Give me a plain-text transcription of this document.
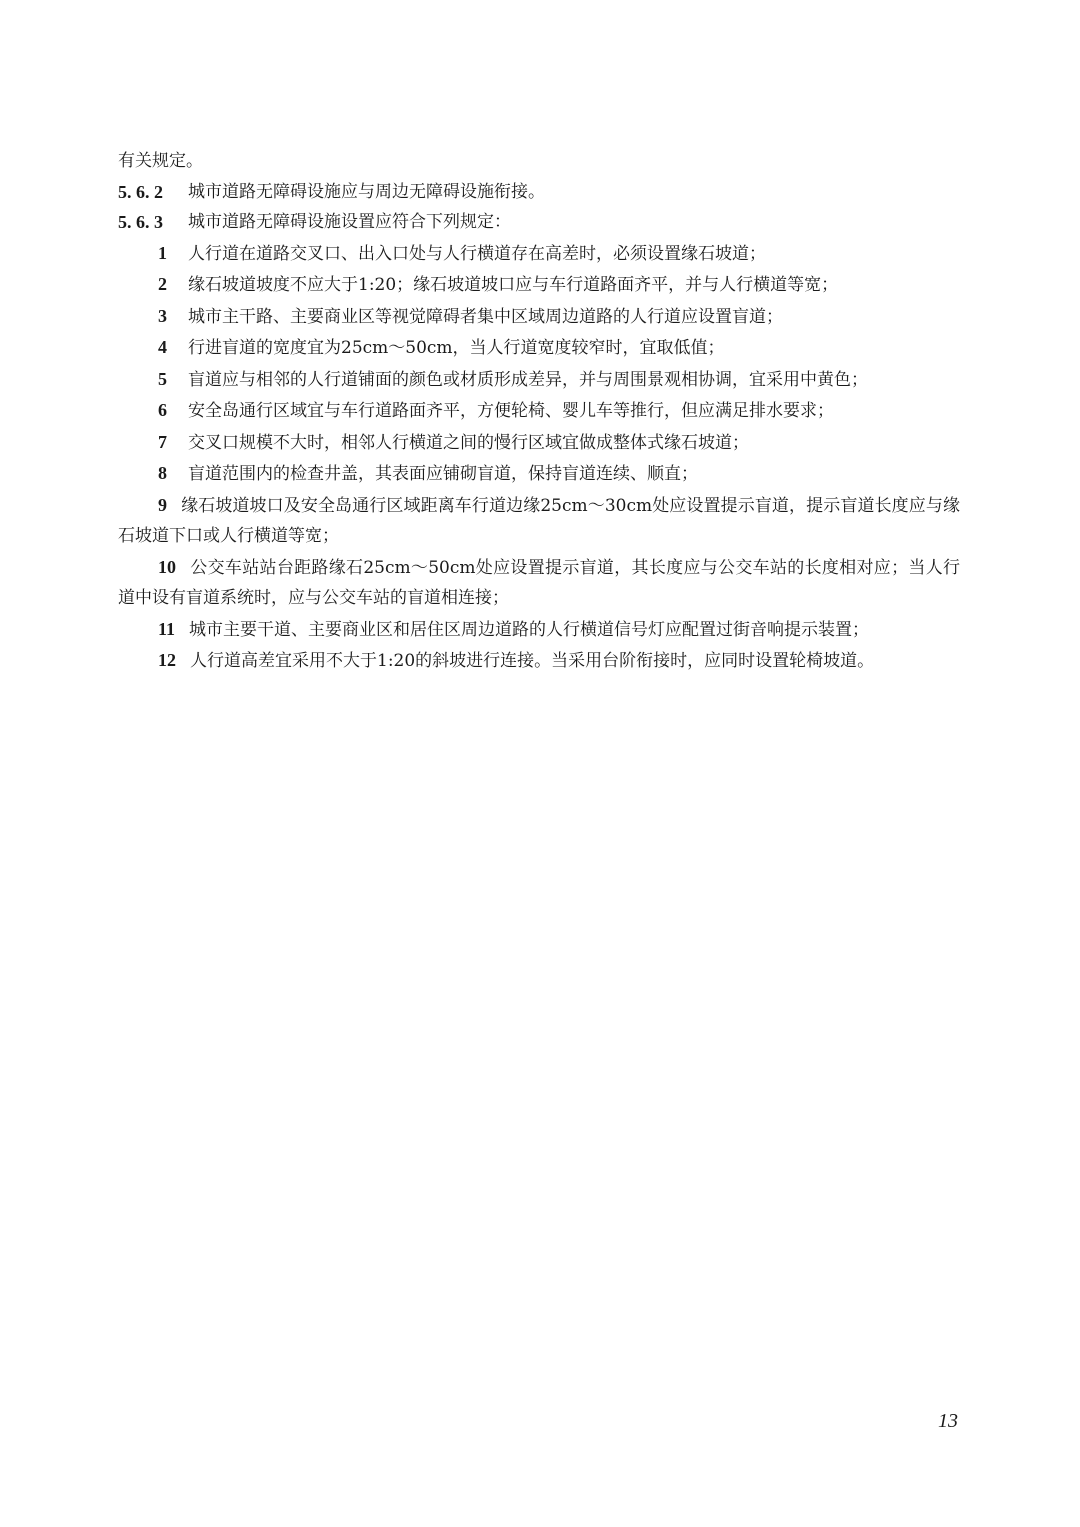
有关规定。
5. 6. 2	城市道路无障碍设施应与周边无障碍设施衔接。
5. 6. 3	城市道路无障碍设施设置应符合下列规定：
1 人行道在道路交叉口、出入口处与人行横道存在高差时，必须设置缘石坡道；
2 缘石坡道坡度不应大于1:20；缘石坡道坡口应与车行道路面齐平，并与人行横道等宽；
3 城市主干路、主要商业区等视觉障碍者集中区域周边道路的人行道应设置盲道；
4 行进盲道的宽度宜为25cm～50cm，当人行道宽度较窄时，宜取低值；
5 盲道应与相邻的人行道铺面的颜色或材质形成差异，并与周围景观相协调，宜采用中黄色；
6 安全岛通行区域宜与车行道路面齐平，方便轮椅、婴儿车等推行，但应满足排水要求；
7 交叉口规模不大时，相邻人行横道之间的慢行区域宜做成整体式缘石坡道；
8 盲道范围内的检查井盖，其表面应铺砌盲道，保持盲道连续、顺直；
9 缘石坡道坡口及安全岛通行区域距离车行道边缘25cm～30cm处应设置提示盲道，提示盲道长度应与缘石坡道下口或人行横道等宽；
10 公交车站站台距路缘石25cm～50cm处应设置提示盲道，其长度应与公交车站的长度相对应；当人行道中设有盲道系统时，应与公交车站的盲道相连接；
11 城市主要干道、主要商业区和居住区周边道路的人行横道信号灯应配置过街音响提示装置；
12 人行道高差宜采用不大于1:20的斜坡进行连接。当采用台阶衔接时，应同时设置轮椅坡道。
13
